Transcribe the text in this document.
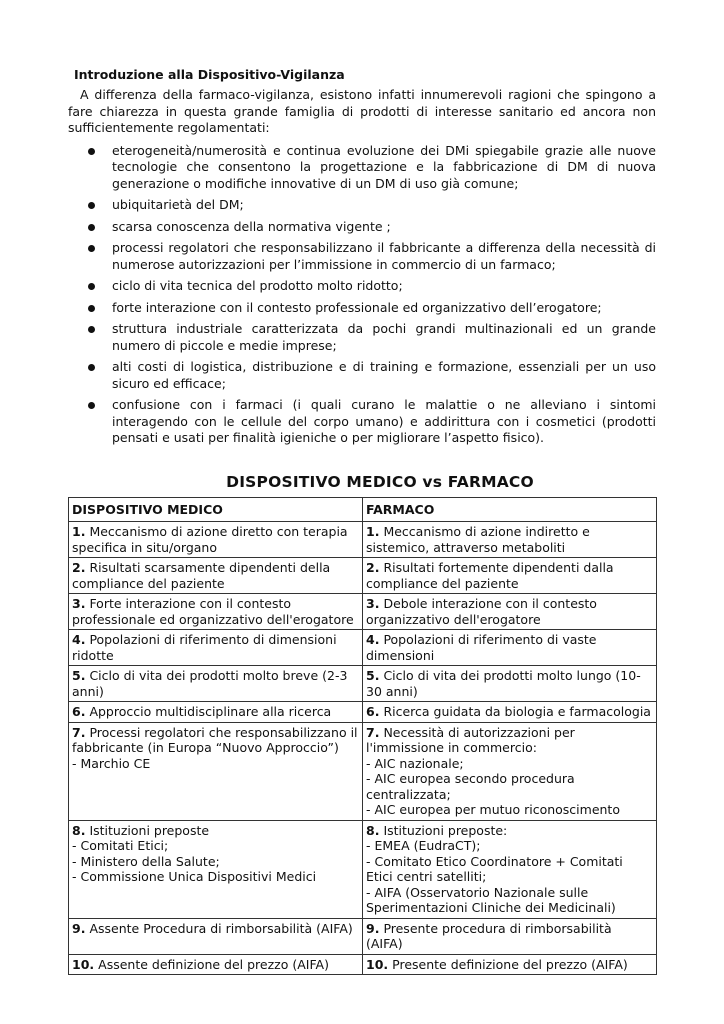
Introduzione alla Dispositivo-Vigilanza

A differenza della farmaco-vigilanza, esistono infatti innumerevoli ragioni che spingono a fare chiarezza in questa grande famiglia di prodotti di interesse sanitario ed ancora non sufficientemente regolamentati:

eterogeneità/numerosità e continua evoluzione dei DMi spiegabile grazie alle nuove tecnologie che consentono la progettazione e la fabbricazione di DM di nuova generazione o modifiche innovative di un DM di uso già comune;
ubiquitarietà del DM;
scarsa conoscenza della normativa vigente ;
processi regolatori che responsabilizzano il fabbricante a differenza della necessità di numerose autorizzazioni per l’immissione in commercio di un farmaco;
ciclo di vita tecnica del prodotto molto ridotto;
forte interazione con il contesto professionale ed organizzativo dell’erogatore;
struttura industriale caratterizzata da pochi grandi multinazionali ed un grande numero di piccole e medie imprese;
alti costi di logistica, distribuzione e di training e formazione, essenziali per un uso sicuro ed efficace;
confusione con i farmaci (i quali curano le malattie o ne alleviano i sintomi interagendo con le cellule del corpo umano) e addirittura con i cosmetici (prodotti pensati e usati per finalità igieniche o per migliorare l’aspetto fisico).
DISPOSITIVO MEDICO vs FARMACO
DISPOSITIVO MEDICO	FARMACO

1. Meccanismo di azione diretto con terapia specifica in situ/organo	1. Meccanismo di azione indiretto e sistemico, attraverso metaboliti

2. Risultati scarsamente dipendenti della compliance del paziente	2. Risultati fortemente dipendenti dalla compliance del paziente

3. Forte interazione con il contesto professionale ed organizzativo dell'erogatore	3. Debole interazione con il contesto organizzativo dell'erogatore

4. Popolazioni di riferimento di dimensioni ridotte	4. Popolazioni di riferimento di vaste dimensioni

5. Ciclo di vita dei prodotti molto breve (2-3 anni)	5. Ciclo di vita dei prodotti molto lungo (10-30 anni)

6. Approccio multidisciplinare alla ricerca	6. Ricerca guidata da biologia e farmacologia

7. Processi regolatori che responsabilizzano il fabbricante (in Europa “Nuovo Approccio”)
- Marchio CE	7. Necessità di autorizzazioni per l'immissione in commercio:
- AIC nazionale;
- AIC europea secondo procedura centralizzata;
- AIC europea per mutuo riconoscimento

8. Istituzioni preposte
- Comitati Etici;
- Ministero della Salute;
- Commissione Unica Dispositivi Medici	8. Istituzioni preposte:
- EMEA (EudraCT);
- Comitato Etico Coordinatore + Comitati Etici centri satelliti;
- AIFA (Osservatorio Nazionale sulle Sperimentazioni Cliniche dei Medicinali)

9. Assente Procedura di rimborsabilità (AIFA)	9. Presente procedura di rimborsabilità (AIFA)

10. Assente definizione del prezzo (AIFA)	10. Presente definizione del prezzo (AIFA)
